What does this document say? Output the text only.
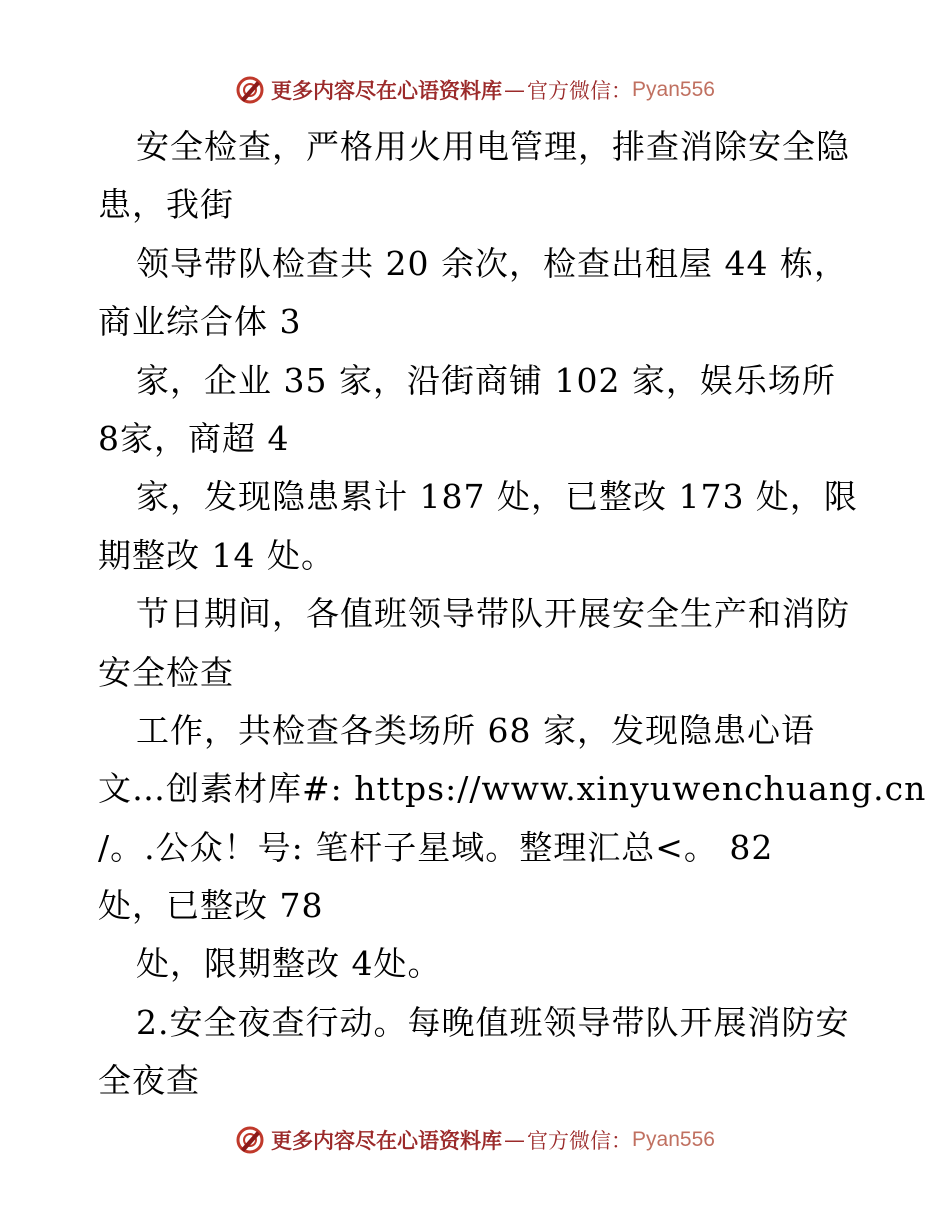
更多内容尽在心语资料库 — 官方微信： Pyan556
安全检查，严格用火用电管理，排查消除安全隐
患，我街
领导带队检查共 20 余次，检查出租屋 44 栋，
商业综合体 3
家，企业 35 家，沿街商铺 102 家，娱乐场所
8家，商超 4
家，发现隐患累计 187 处，已整改 173 处，限
期整改 14 处。
节日期间，各值班领导带队开展安全生产和消防
安全检查
工作，共检查各类场所 68 家，发现隐患心语
文…创素材库#: https://www.xinyuwenchuang.cn
/。.公众！号: 笔杆子星域。整理汇总<。 82
处，已整改 78
处，限期整改 4处。
2.安全夜查行动。每晚值班领导带队开展消防安
全夜查
更多内容尽在心语资料库 — 官方微信： Pyan556
